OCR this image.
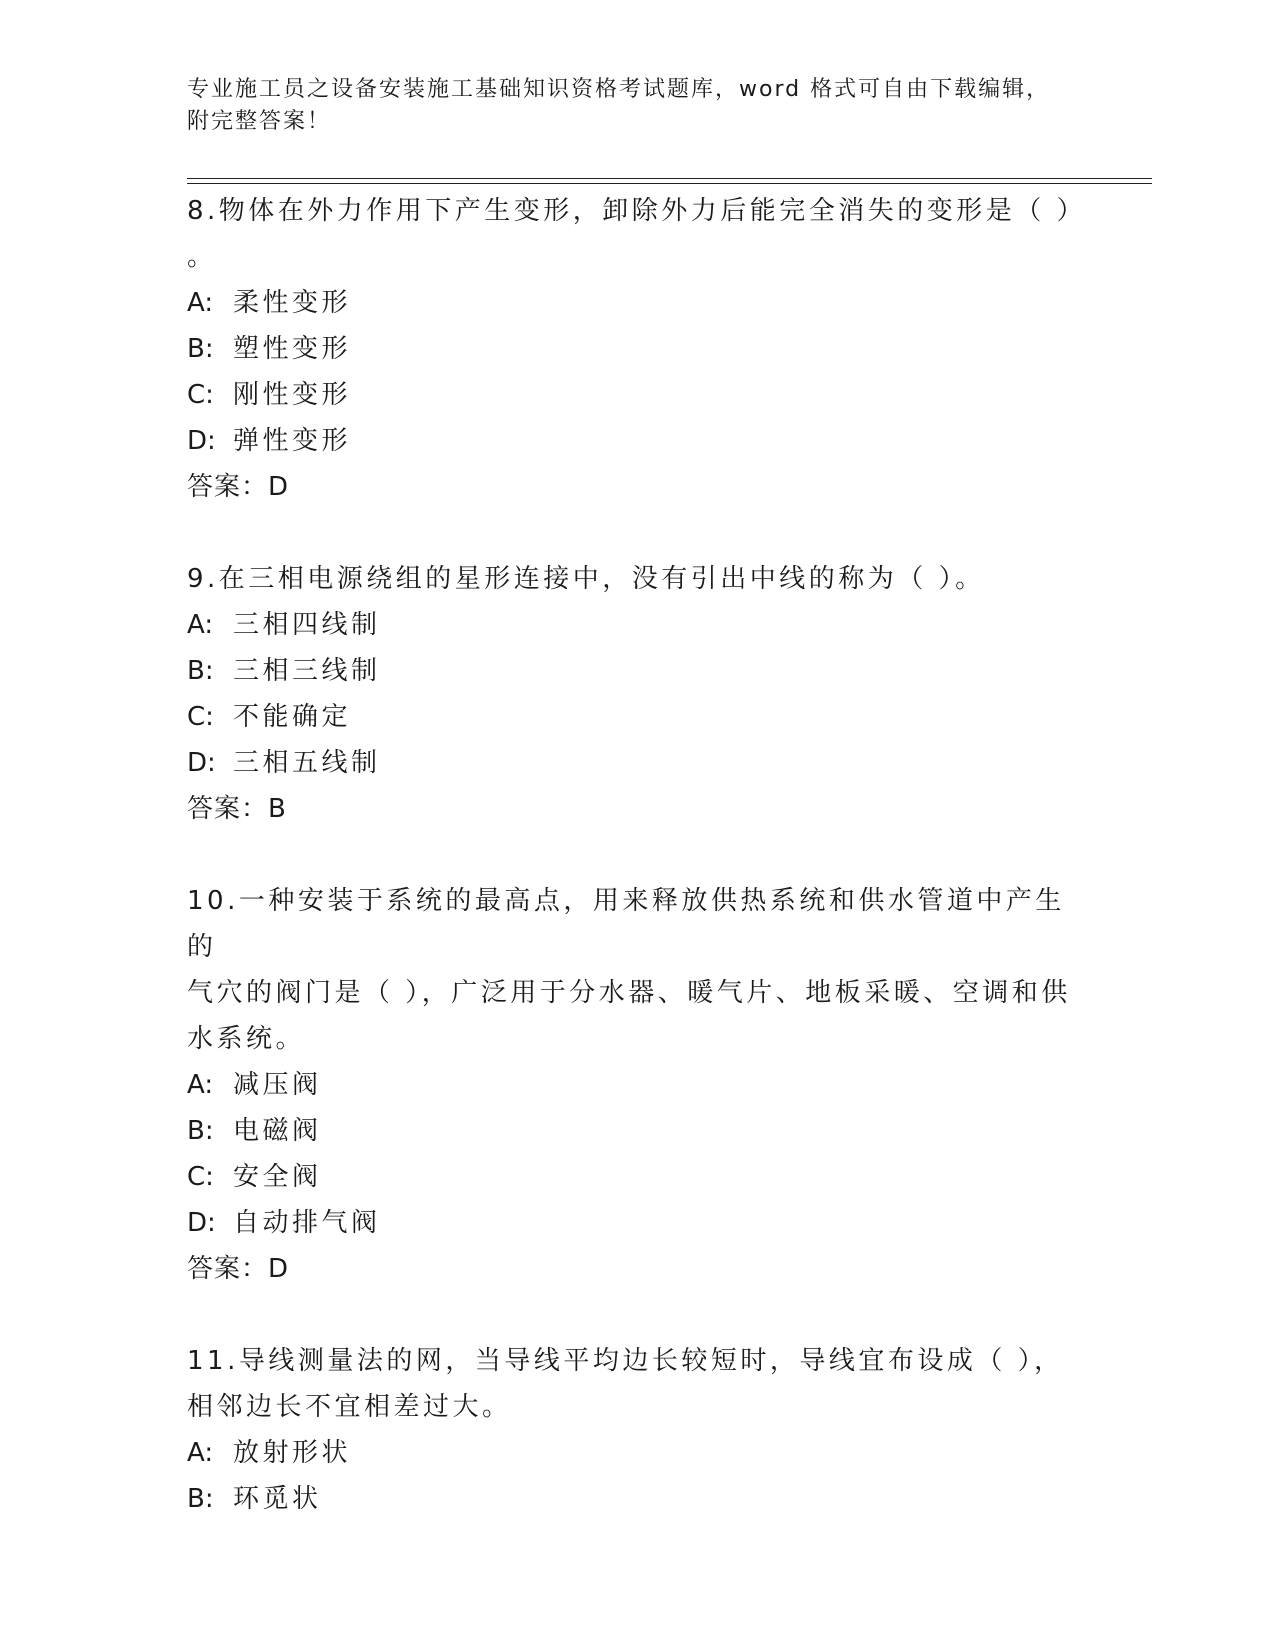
专业施工员之设备安装施工基础知识资格考试题库，word 格式可自由下载编辑，
附完整答案！

8.物体在外力作用下产生变形，卸除外力后能完全消失的变形是（ ）
。

A: 柔性变形

B: 塑性变形

C: 刚性变形

D: 弹性变形

答案：D

9.在三相电源绕组的星形连接中，没有引出中线的称为（ ）。

A: 三相四线制

B: 三相三线制

C: 不能确定

D: 三相五线制

答案：B

10.一种安装于系统的最高点，用来释放供热系统和供水管道中产生的
气穴的阀门是（ ），广泛用于分水器、暖气片、地板采暖、空调和供
水系统。

A: 减压阀

B: 电磁阀

C: 安全阀

D: 自动排气阀

答案：D

11.导线测量法的网，当导线平均边长较短时，导线宜布设成（ ），
相邻边长不宜相差过大。

A: 放射形状

B: 环觅状
